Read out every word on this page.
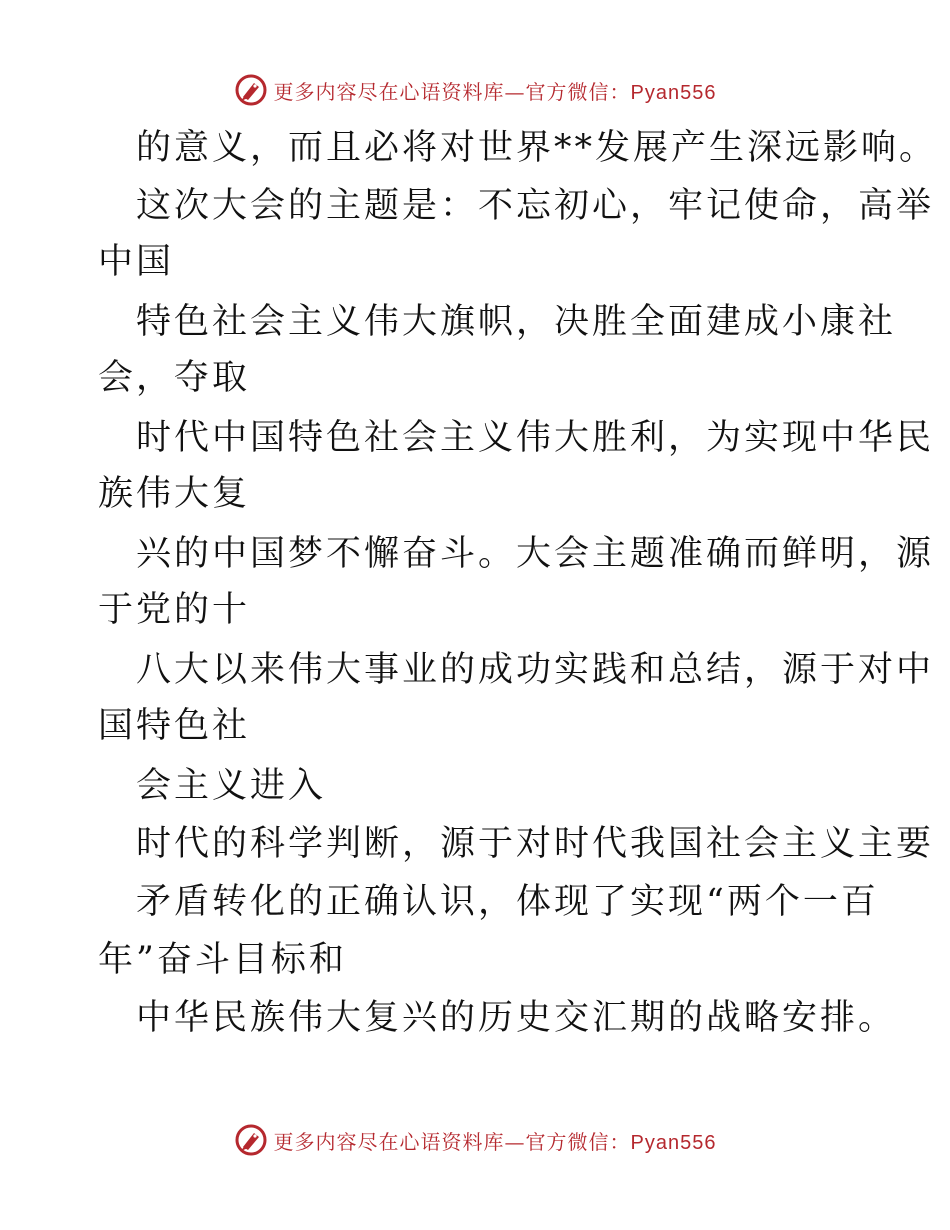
更多内容尽在心语资料库—官方微信：Pyan556
的意义，而且必将对世界**发展产生深远影响。
这次大会的主题是：不忘初心，牢记使命，高举
中国
特色社会主义伟大旗帜，决胜全面建成小康社
会，夺取
时代中国特色社会主义伟大胜利，为实现中华民
族伟大复
兴的中国梦不懈奋斗。大会主题准确而鲜明，源
于党的十
八大以来伟大事业的成功实践和总结，源于对中
国特色社
会主义进入
时代的科学判断，源于对时代我国社会主义主要
矛盾转化的正确认识，体现了实现“两个一百
年”奋斗目标和
中华民族伟大复兴的历史交汇期的战略安排。
更多内容尽在心语资料库—官方微信：Pyan556
